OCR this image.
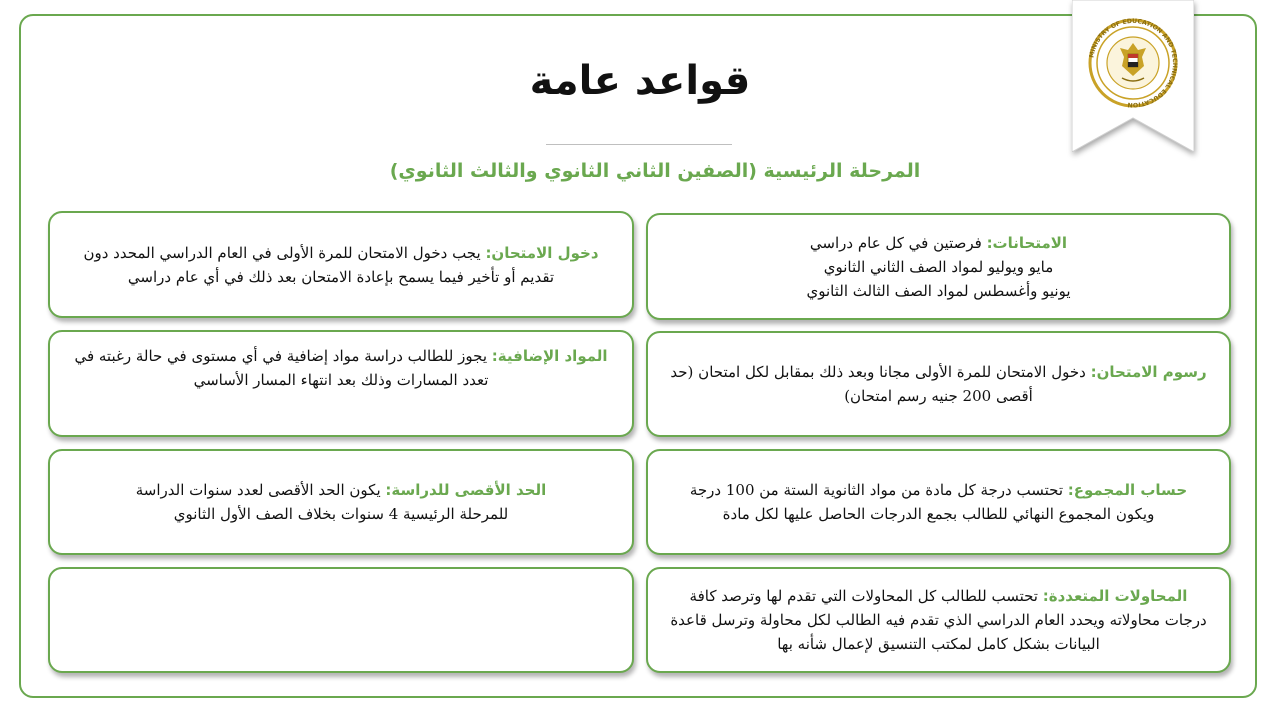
MINISTRY OF EDUCATION AND TECHNICAL EDUCATION
قواعد عامة
المرحلة الرئيسية (الصفين الثاني الثانوي والثالث الثانوي)
الامتحانات: فرصتين في كل عام دراسي
مايو ويوليو لمواد الصف الثاني الثانوي
يونيو وأغسطس لمواد الصف الثالث الثانوي
رسوم الامتحان: دخول الامتحان للمرة الأولى مجانا وبعد ذلك بمقابل لكل امتحان (حد أقصى 200 جنيه رسم امتحان)
حساب المجموع: تحتسب درجة كل مادة من مواد الثانوية الستة من 100 درجة ويكون المجموع النهائي للطالب بجمع الدرجات الحاصل عليها لكل مادة
المحاولات المتعددة: تحتسب للطالب كل المحاولات التي تقدم لها وترصد كافة درجات محاولاته ويحدد العام الدراسي الذي تقدم فيه الطالب لكل محاولة وترسل قاعدة البيانات بشكل كامل لمكتب التنسيق لإعمال شأنه بها
دخول الامتحان: يجب دخول الامتحان للمرة الأولى في العام الدراسي المحدد دون تقديم أو تأخير فيما يسمح بإعادة الامتحان بعد ذلك في أي عام دراسي
المواد الإضافية: يجوز للطالب دراسة مواد إضافية في أي مستوى في حالة رغبته في تعدد المسارات وذلك بعد انتهاء المسار الأساسي
الحد الأقصى للدراسة: يكون الحد الأقصى لعدد سنوات الدراسة
للمرحلة الرئيسية 4 سنوات بخلاف الصف الأول الثانوي
